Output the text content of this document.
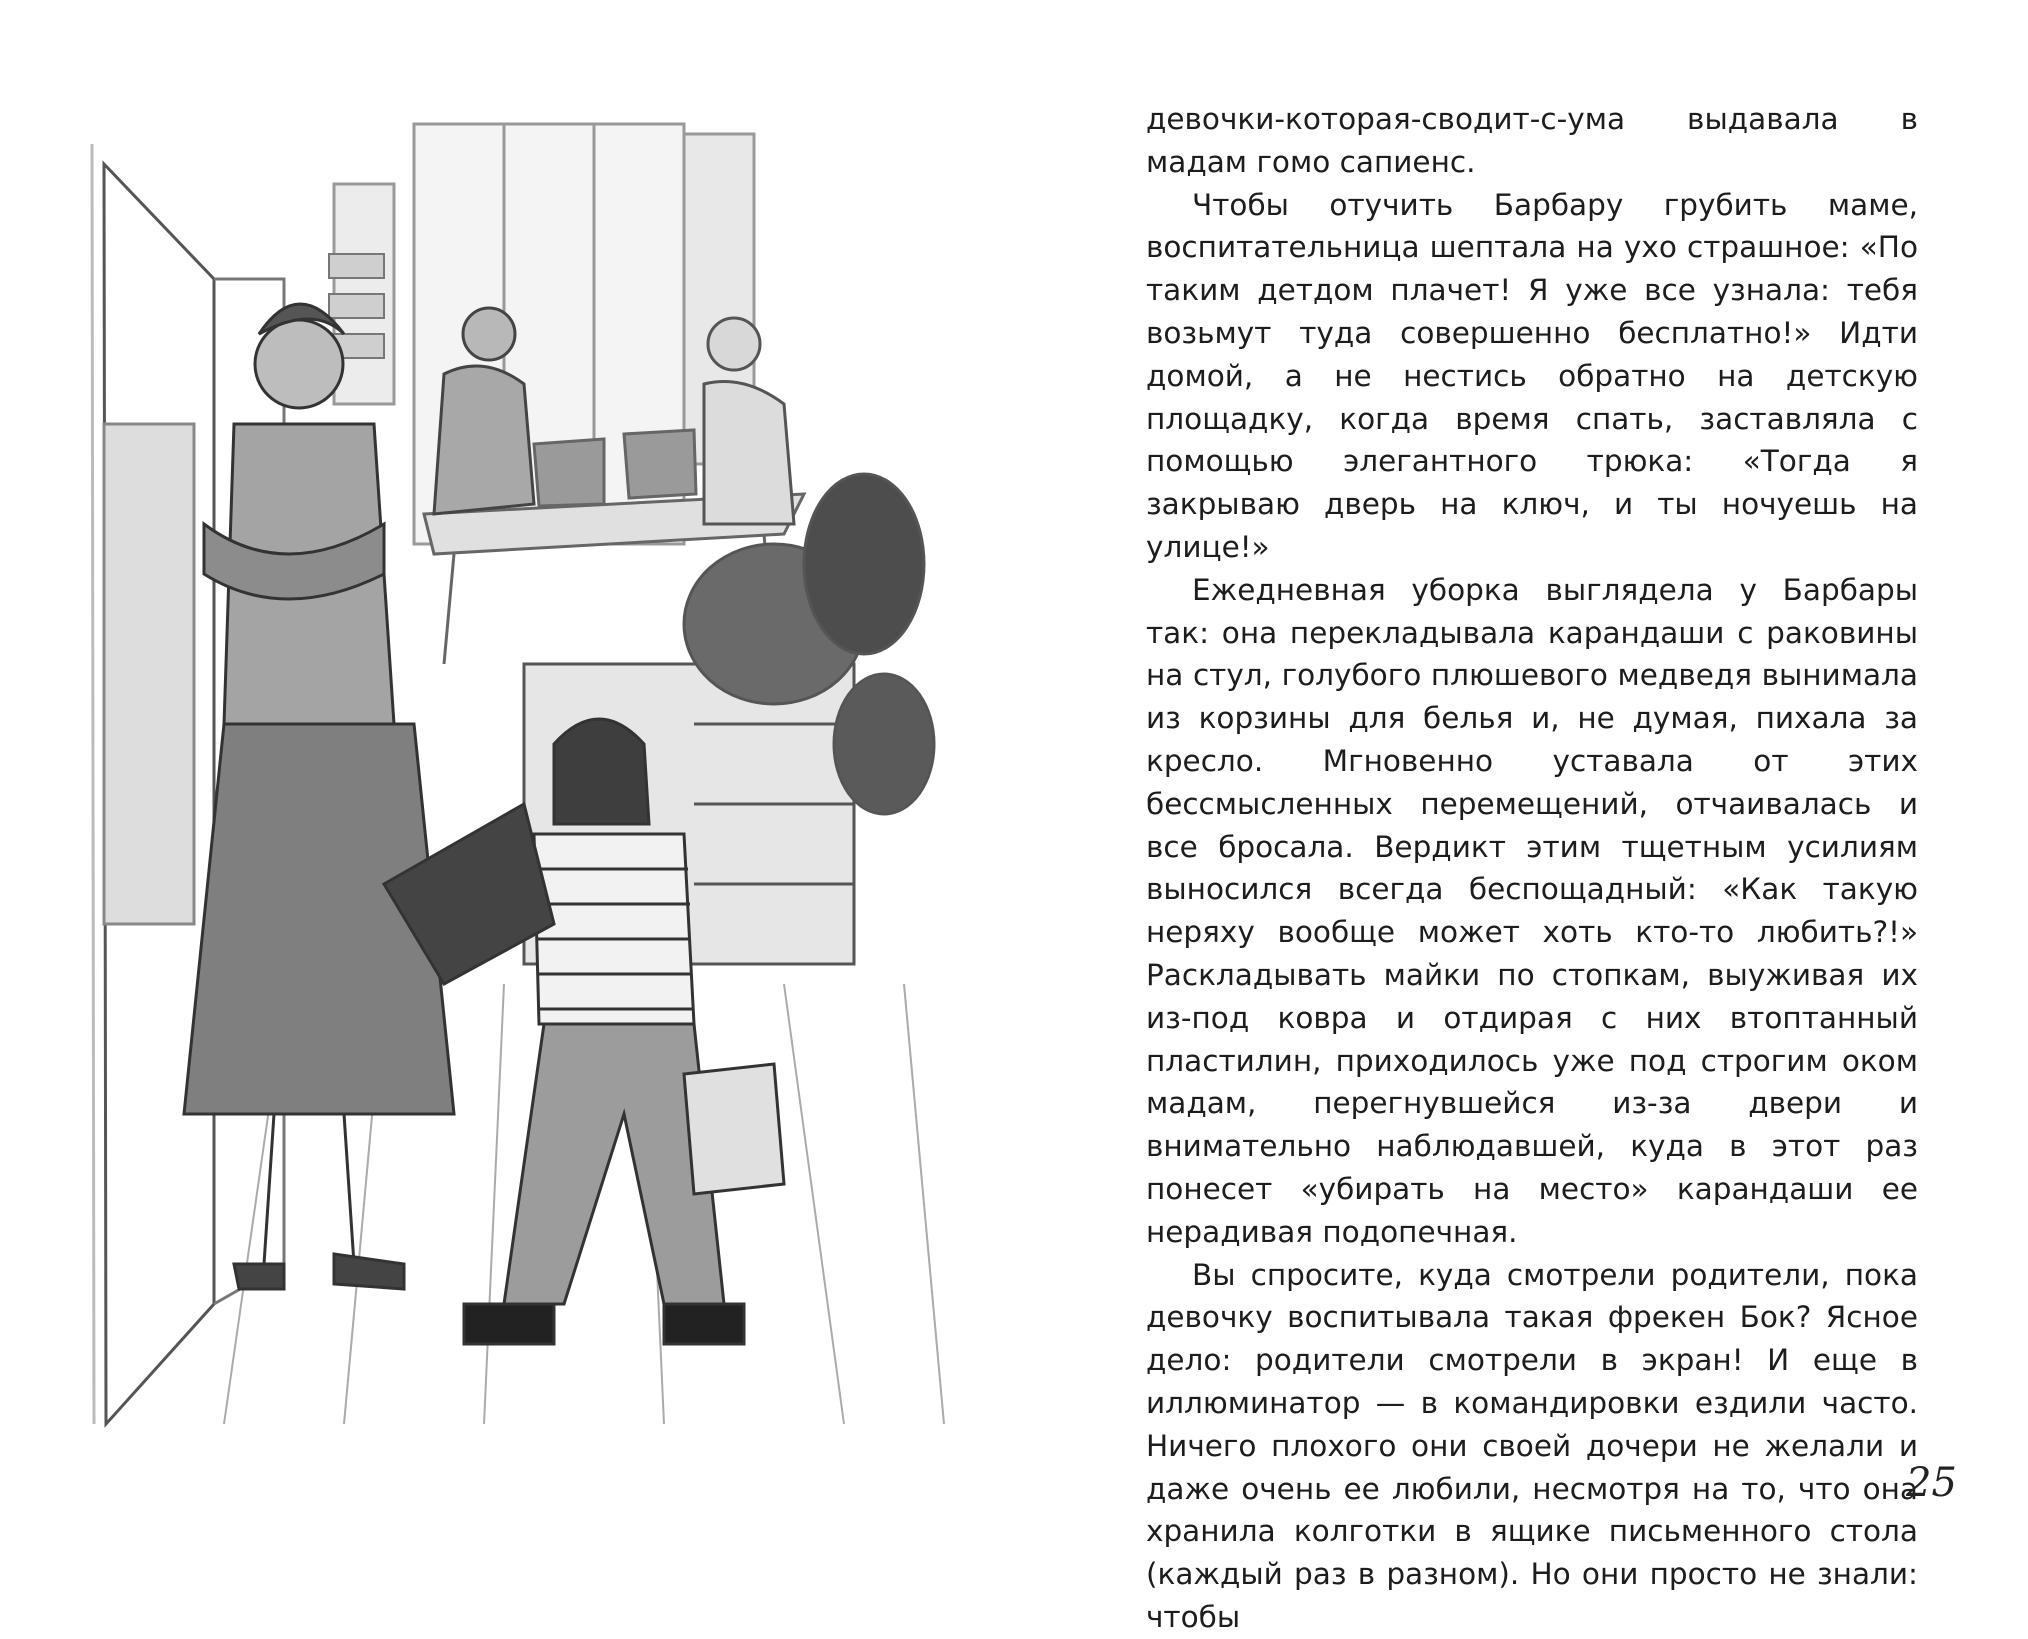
девочки-которая-сводит-с-ума выдавала в мадам гомо сапиенс.

Чтобы отучить Барбару грубить маме, воспитательница шептала на ухо страшное: «По таким детдом плачет! Я уже все узнала: тебя возьмут туда совершенно бесплатно!» Идти домой, а не нестись обратно на детскую площадку, когда время спать, заставляла с помощью элегантного трюка: «Тогда я закрываю дверь на ключ, и ты ночуешь на улице!»

Ежедневная уборка выглядела у Барбары так: она перекладывала карандаши с раковины на стул, голубого плюшевого медведя вынимала из корзины для белья и, не думая, пихала за кресло. Мгновенно уставала от этих бессмысленных перемещений, отчаивалась и все бросала. Вердикт этим тщетным усилиям выносился всегда беспощадный: «Как такую неряху вообще может хоть кто-то любить?!» Раскладывать майки по стопкам, выуживая их из-под ковра и отдирая с них втоптанный пластилин, приходилось уже под строгим оком мадам, перегнувшейся из-за двери и внимательно наблюдавшей, куда в этот раз понесет «убирать на место» карандаши ее нерадивая подопечная.

Вы спросите, куда смотрели родители, пока девочку воспитывала такая фрекен Бок? Ясное дело: родители смотрели в экран! И еще в иллюминатор — в командировки ездили часто. Ничего плохого они своей дочери не желали и даже очень ее любили, несмотря на то, что она хранила колготки в ящике письменного стола (каждый раз в разном). Но они просто не знали: чтобы

25
